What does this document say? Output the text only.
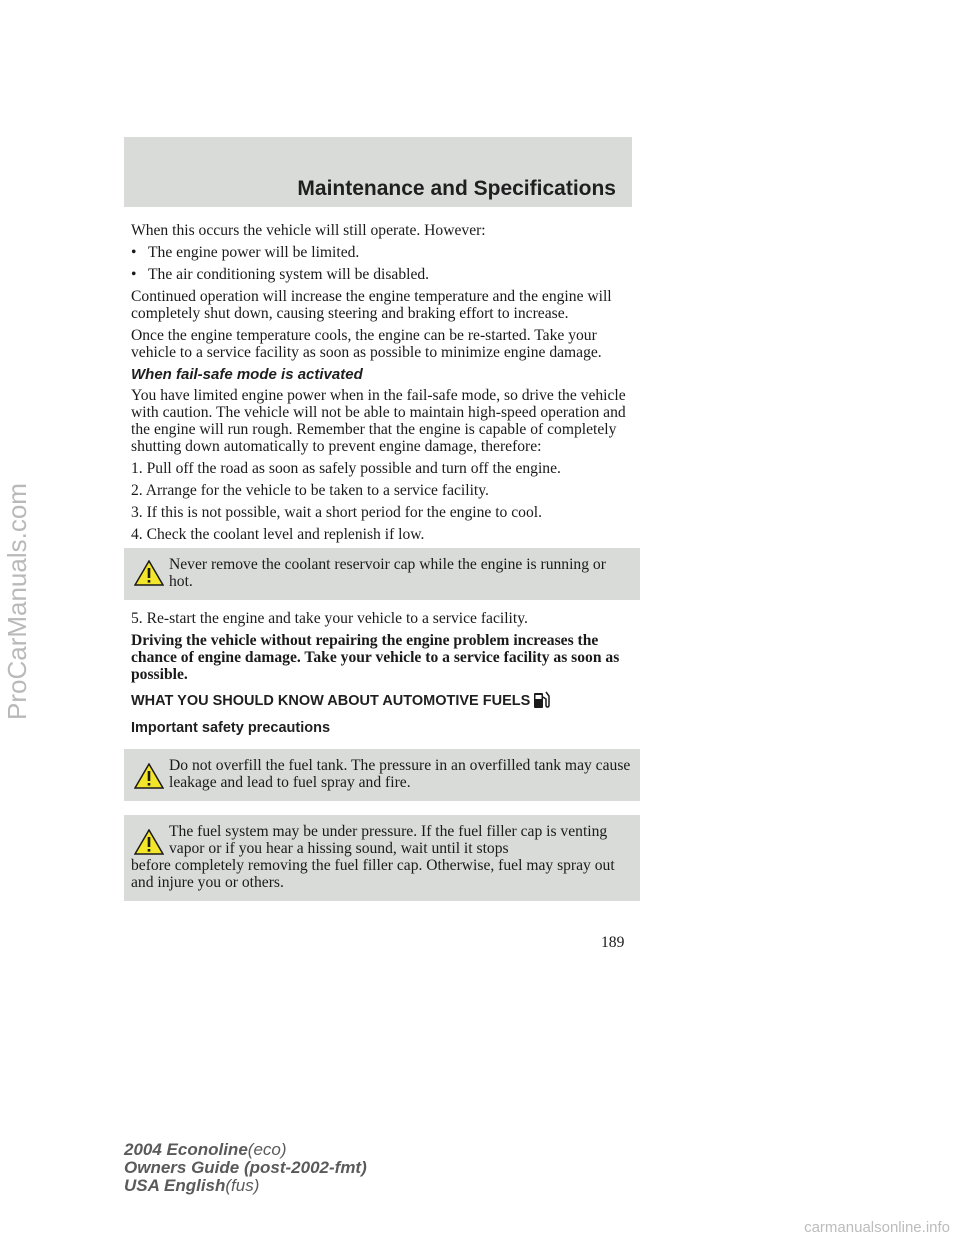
Maintenance and Specifications

When this occurs the vehicle will still operate. However:

• The engine power will be limited.
• The air conditioning system will be disabled.

Continued operation will increase the engine temperature and the engine will completely shut down, causing steering and braking effort to increase.

Once the engine temperature cools, the engine can be re-started. Take your vehicle to a service facility as soon as possible to minimize engine damage.

When fail-safe mode is activated

You have limited engine power when in the fail-safe mode, so drive the vehicle with caution. The vehicle will not be able to maintain high-speed operation and the engine will run rough. Remember that the engine is capable of completely shutting down automatically to prevent engine damage, therefore:

1. Pull off the road as soon as safely possible and turn off the engine.

2. Arrange for the vehicle to be taken to a service facility.

3. If this is not possible, wait a short period for the engine to cool.

4. Check the coolant level and replenish if low.

Never remove the coolant reservoir cap while the engine is running or hot.

5. Re-start the engine and take your vehicle to a service facility.

Driving the vehicle without repairing the engine problem increases the chance of engine damage. Take your vehicle to a service facility as soon as possible.

WHAT YOU SHOULD KNOW ABOUT AUTOMOTIVE FUELS
Important safety precautions
Do not overfill the fuel tank. The pressure in an overfilled tank may cause leakage and lead to fuel spray and fire.
The fuel system may be under pressure. If the fuel filler cap is venting vapor or if you hear a hissing sound, wait until it stops
before completely removing the fuel filler cap. Otherwise, fuel may spray out and injure you or others.
189
2004 Econoline(eco)
Owners Guide (post-2002-fmt)
USA English(fus)
ProCarManuals.com
carmanualsonline.info
